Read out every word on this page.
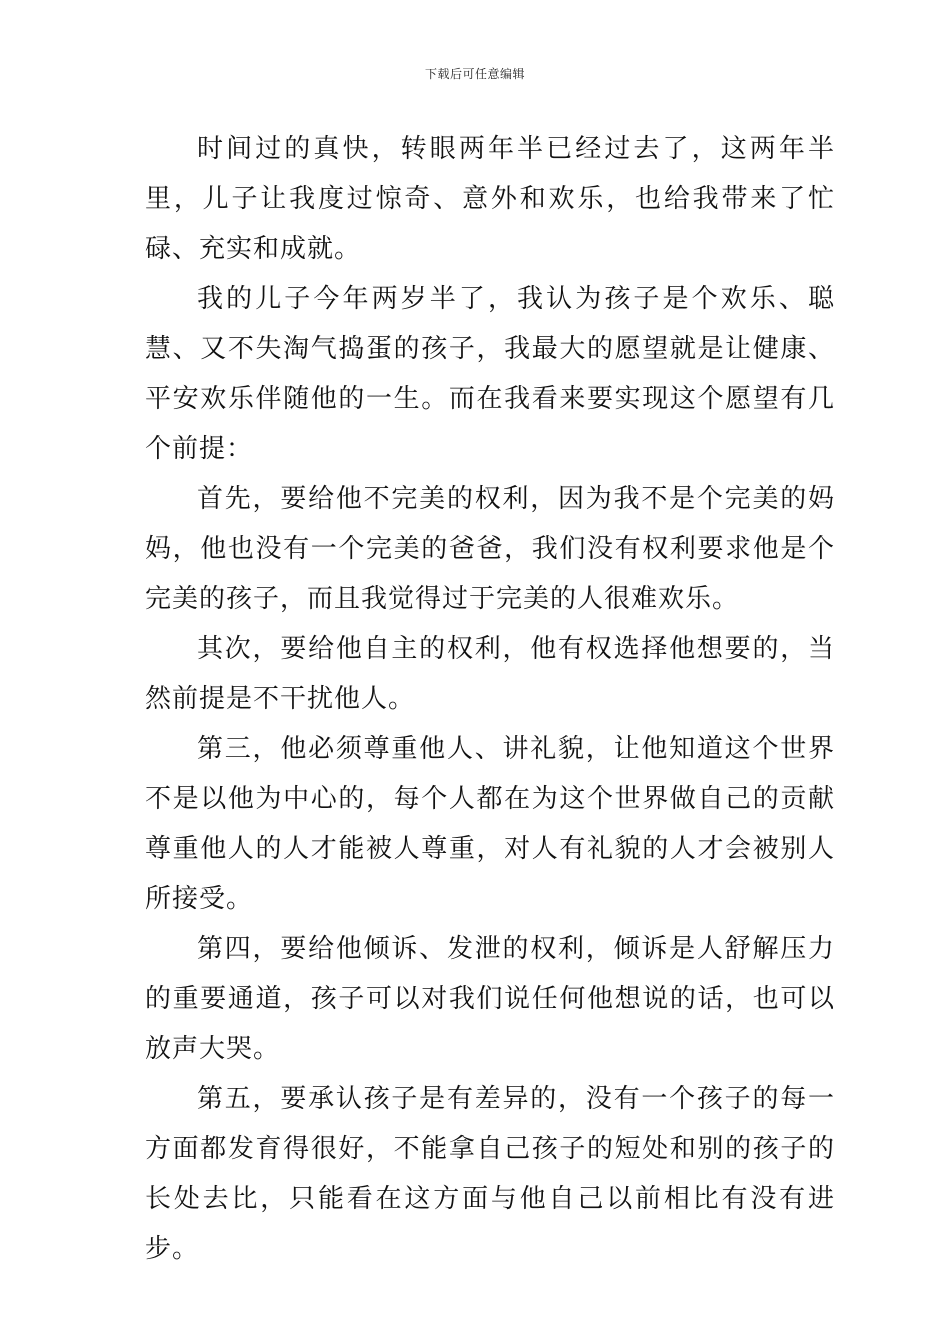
下载后可任意编辑

时间过的真快，转眼两年半已经过去了，这两年半里，儿子让我度过惊奇、意外和欢乐，也给我带来了忙碌、充实和成就。

我的儿子今年两岁半了，我认为孩子是个欢乐、聪慧、又不失淘气捣蛋的孩子，我最大的愿望就是让健康、平安欢乐伴随他的一生。而在我看来要实现这个愿望有几个前提：

首先，要给他不完美的权利，因为我不是个完美的妈妈，他也没有一个完美的爸爸，我们没有权利要求他是个完美的孩子，而且我觉得过于完美的人很难欢乐。

其次，要给他自主的权利，他有权选择他想要的，当然前提是不干扰他人。

第三，他必须尊重他人、讲礼貌，让他知道这个世界不是以他为中心的，每个人都在为这个世界做自己的贡献尊重他人的人才能被人尊重，对人有礼貌的人才会被别人所接受。

第四，要给他倾诉、发泄的权利，倾诉是人舒解压力的重要通道，孩子可以对我们说任何他想说的话，也可以放声大哭。

第五，要承认孩子是有差异的，没有一个孩子的每一方面都发育得很好，不能拿自己孩子的短处和别的孩子的长处去比，只能看在这方面与他自己以前相比有没有进步。
